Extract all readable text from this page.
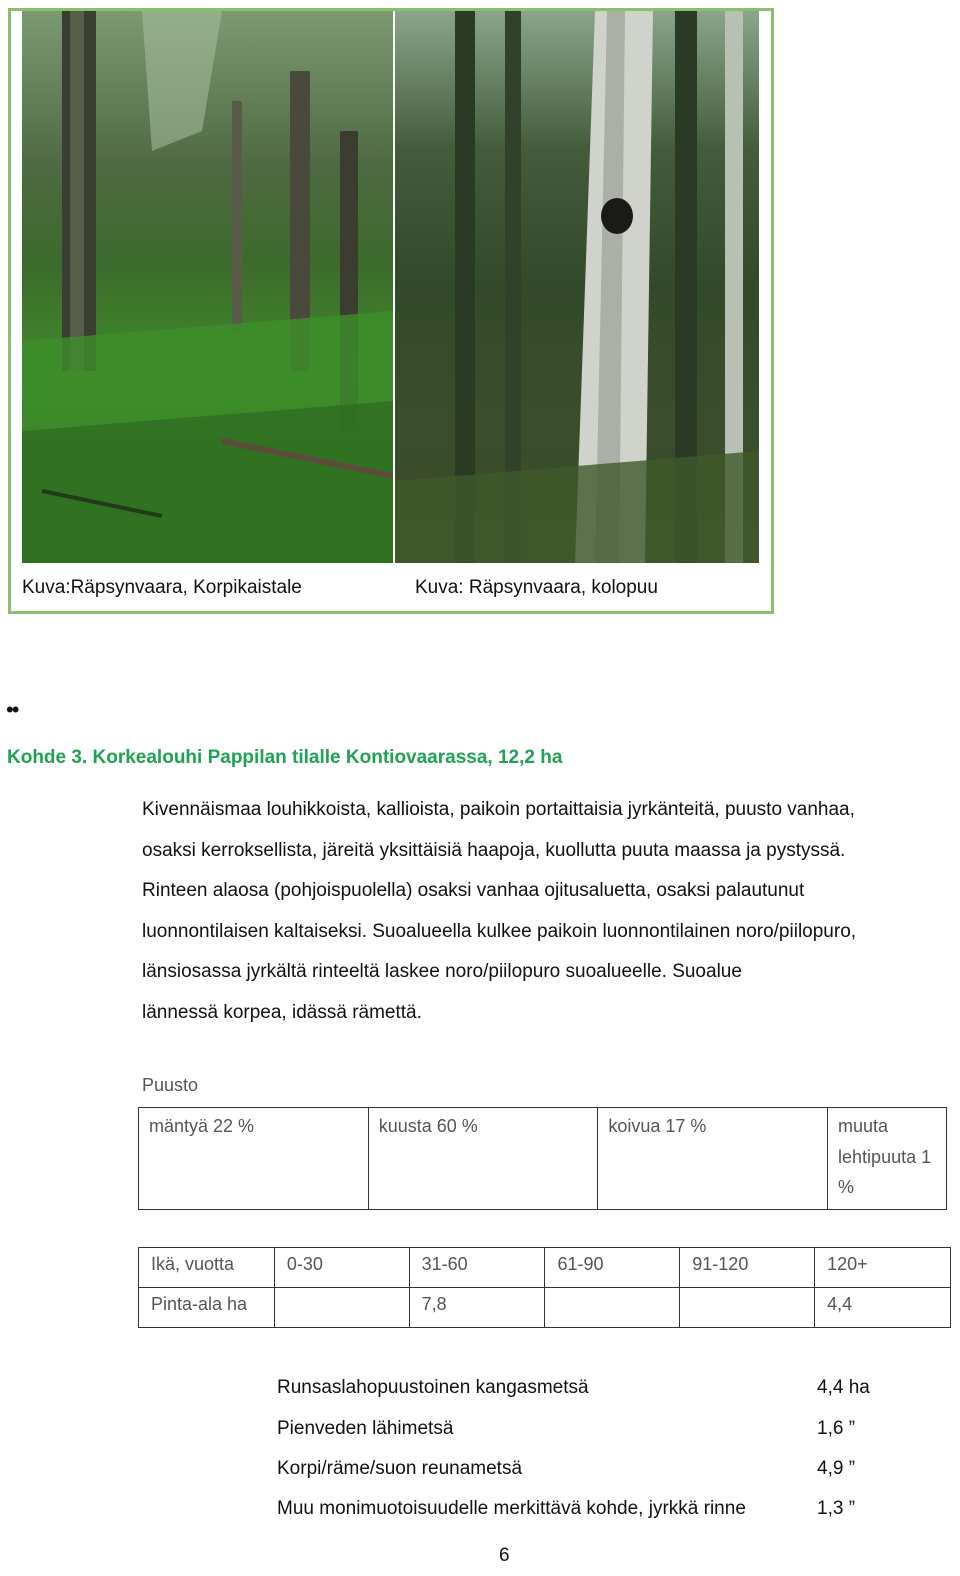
Kuva:Räpsynvaara, Korpikaistale	Kuva: Räpsynvaara, kolopuu
••
Kohde 3. Korkealouhi Pappilan tilalle Kontiovaarassa, 12,2 ha
Kivennäismaa louhikkoista, kallioista, paikoin portaittaisia jyrkänteitä, puusto vanhaa,
osaksi kerroksellista, järeitä yksittäisiä haapoja, kuollutta puuta maassa ja pystyssä.
Rinteen alaosa (pohjoispuolella) osaksi vanhaa ojitusaluetta, osaksi palautunut
luonnontilaisen kaltaiseksi. Suoalueella kulkee paikoin luonnontilainen noro/piilopuro,
länsiosassa jyrkältä rinteeltä laskee noro/piilopuro suoalueelle. Suoalue
lännessä korpea, idässä rämettä.
Puusto
mäntyä 22 %	kuusta 60 %	koivua 17 %	muuta lehtipuuta 1 %
Ikä, vuotta	0-30	31-60	61-90	91-120	120+
Pinta-ala ha		7,8			4,4
Runsaslahopuustoinen kangasmetsä	4,4 ha
Pienveden lähimetsä	1,6 ”
Korpi/räme/suon reunametsä	4,9 ”
Muu monimuotoisuudelle merkittävä kohde, jyrkkä rinne	1,3 ”
6
